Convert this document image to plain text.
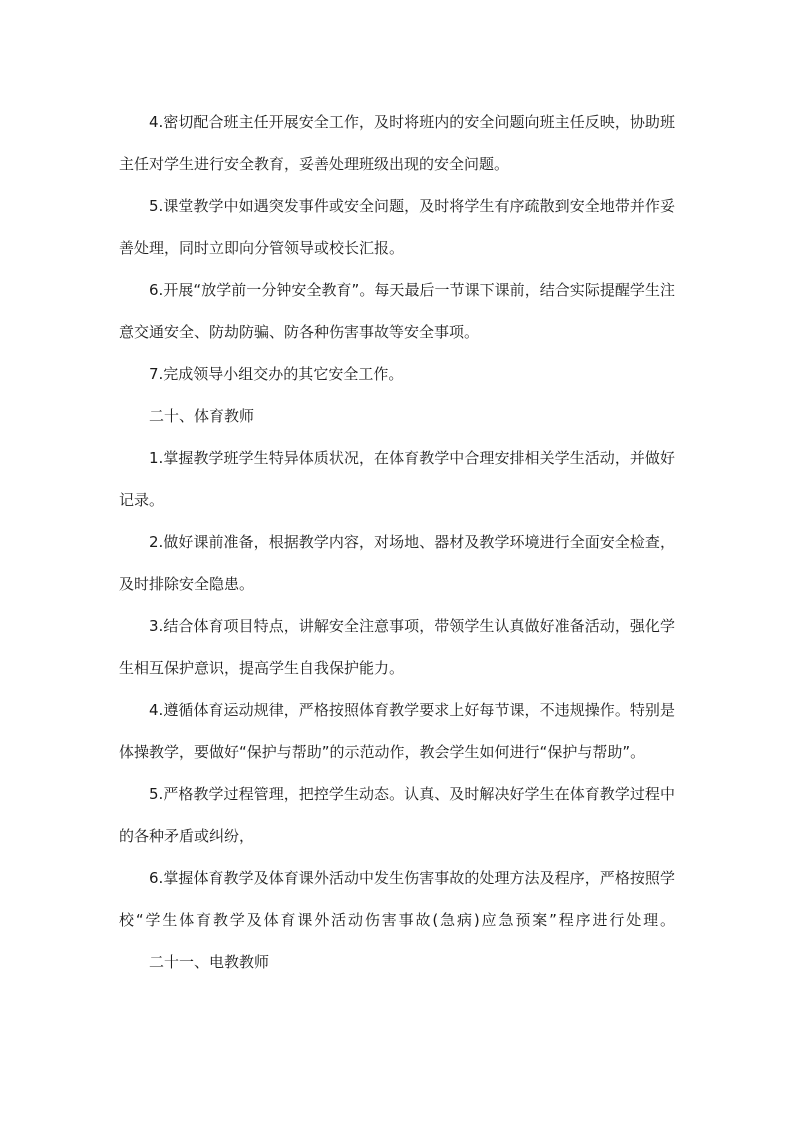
4.密切配合班主任开展安全工作，及时将班内的安全问题向班主任反映，协助班主任对学生进行安全教育，妥善处理班级出现的安全问题。

5.课堂教学中如遇突发事件或安全问题，及时将学生有序疏散到安全地带并作妥善处理，同时立即向分管领导或校长汇报。

6.开展“放学前一分钟安全教育”。每天最后一节课下课前，结合实际提醒学生注意交通安全、防劫防骗、防各种伤害事故等安全事项。

7.完成领导小组交办的其它安全工作。

二十、体育教师

1.掌握教学班学生特异体质状况，在体育教学中合理安排相关学生活动，并做好记录。

2.做好课前准备，根据教学内容，对场地、器材及教学环境进行全面安全检查，及时排除安全隐患。

3.结合体育项目特点，讲解安全注意事项，带领学生认真做好准备活动，强化学生相互保护意识，提高学生自我保护能力。

4.遵循体育运动规律，严格按照体育教学要求上好每节课，不违规操作。特别是体操教学，要做好“保护与帮助”的示范动作，教会学生如何进行“保护与帮助”。

5.严格教学过程管理，把控学生动态。认真、及时解决好学生在体育教学过程中的各种矛盾或纠纷，

6.掌握体育教学及体育课外活动中发生伤害事故的处理方法及程序，严格按照学校“学生体育教学及体育课外活动伤害事故(急病)应急预案”程序进行处理。

二十一、电教教师
